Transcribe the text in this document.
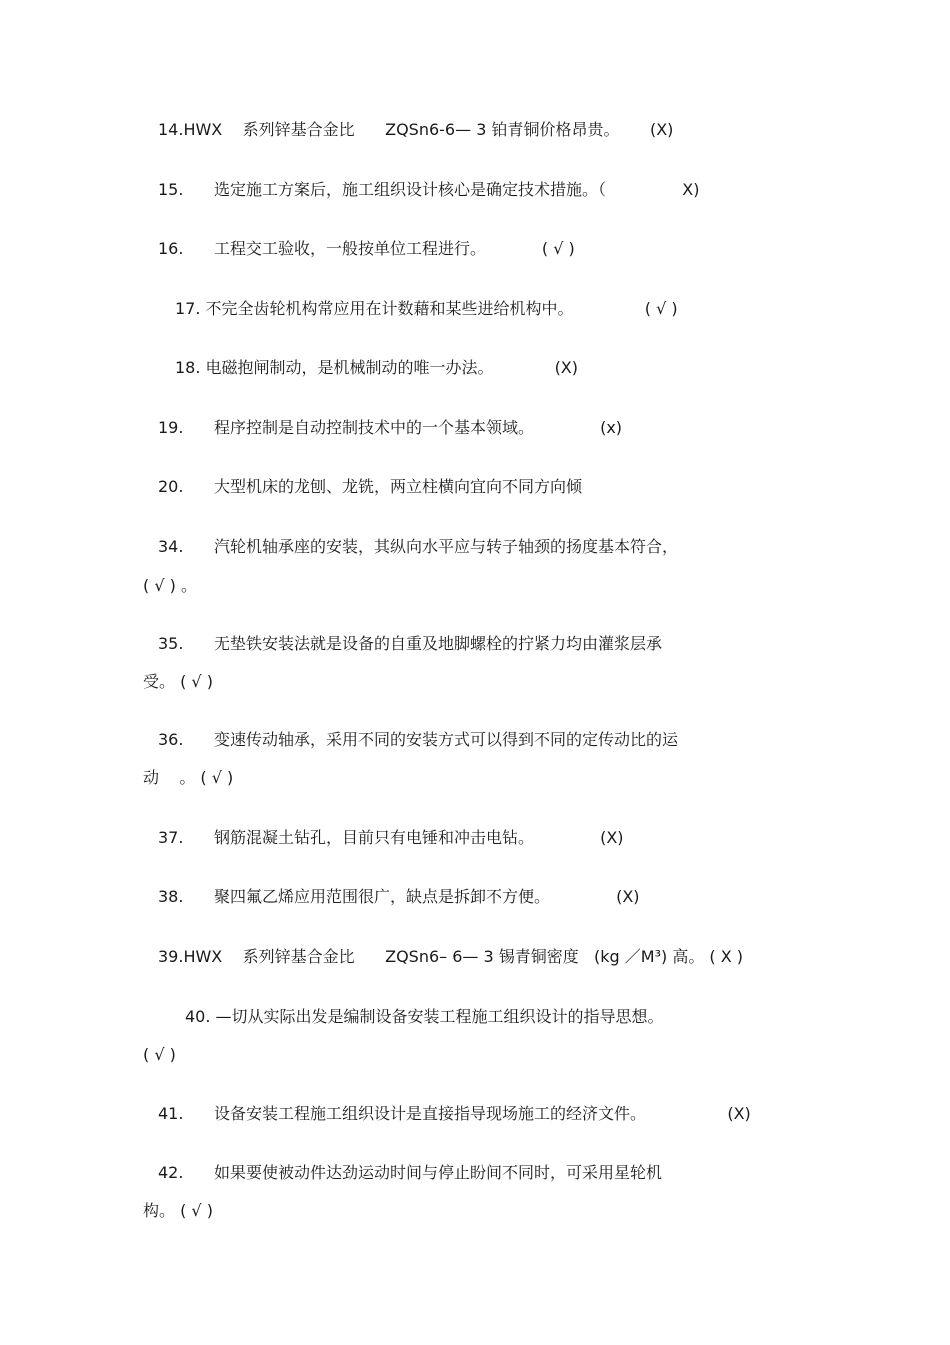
14.HWX    系列锌基合金比      ZQSn6-6— 3 铂青铜价格昂贵。      (X)
15.      选定施工方案后，施工组织设计核心是确定技术措施。（               X)
16.      工程交工验收，一般按单位工程进行。           ( √ )
17. 不完全齿轮机构常应用在计数藉和某些进给机构中。              ( √ )
18. 电磁抱闸制动，是机械制动的唯一办法。            (X)
19.      程序控制是自动控制技术中的一个基本领域。             (x)
20.      大型机床的龙刨、龙铣，两立柱横向宜向不同方向倾
34.      汽轮机轴承座的安装，其纵向水平应与转子轴颈的扬度基本符合，
( √ ) 。
35.      无垫铁安装法就是设备的自重及地脚螺栓的拧紧力均由灌浆层承
受。 ( √ )
36.      变速传动轴承，采用不同的安装方式可以得到不同的定传动比的运
动    。 ( √ )
37.      钢筋混凝土钻孔，目前只有电锤和冲击电钻。             (X)
38.      聚四氟乙烯应用范围很广，缺点是拆卸不方便。             (X)
39.HWX    系列锌基合金比      ZQSn6– 6— 3 锡青铜密度   (kg ／M³) 高。 ( X )
40. —切从实际出发是编制设备安装工程施工组织设计的指导思想。
( √ )
41.      设备安装工程施工组织设计是直接指导现场施工的经济文件。                (X)
42.      如果要使被动件达劲运动时间与停止盼间不同时，可采用星轮机
构。 ( √ )
